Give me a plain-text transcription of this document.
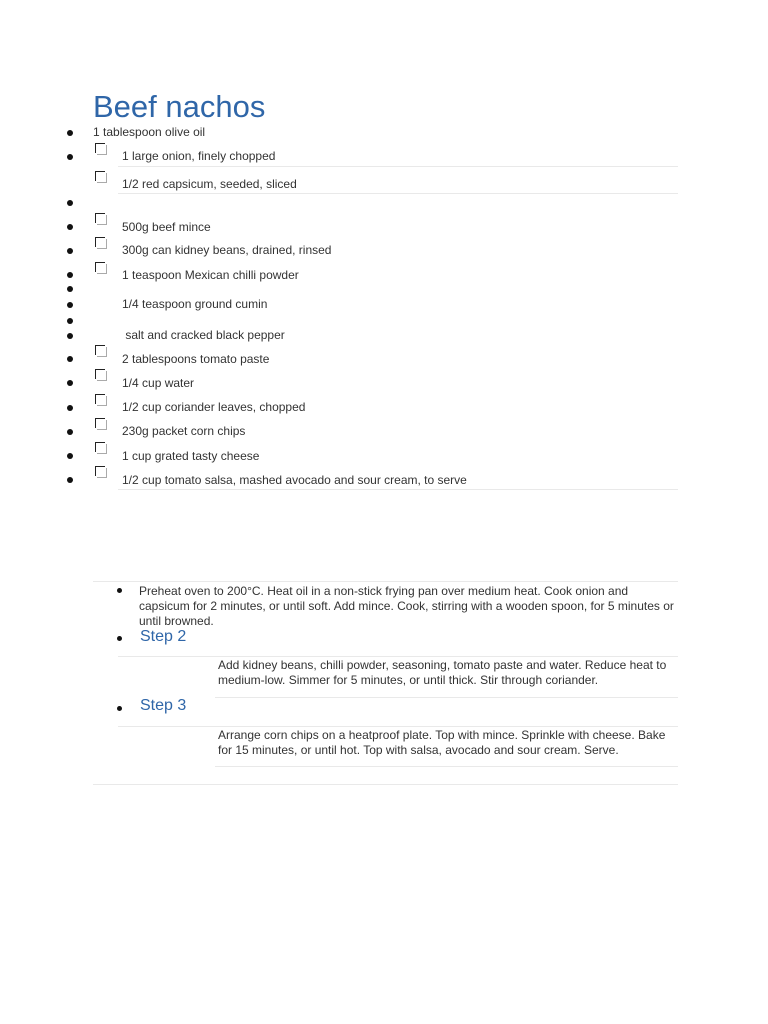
Beef nachos
1 tablespoon olive oil
1 large onion, finely chopped
1/2 red capsicum, seeded, sliced
500g beef mince
300g can kidney beans, drained, rinsed
1 teaspoon Mexican chilli powder
1/4 teaspoon ground cumin
salt and cracked black pepper
2 tablespoons tomato paste
1/4 cup water
1/2 cup coriander leaves, chopped
230g packet corn chips
1 cup grated tasty cheese
1/2 cup tomato salsa, mashed avocado and sour cream, to serve
Preheat oven to 200°C. Heat oil in a non-stick frying pan over medium heat. Cook onion and capsicum for 2 minutes, or until soft. Add mince. Cook, stirring with a wooden spoon, for 5 minutes or until browned.
Step 2
Add kidney beans, chilli powder, seasoning, tomato paste and water. Reduce heat to medium-low. Simmer for 5 minutes, or until thick. Stir through coriander.
Step 3
Arrange corn chips on a heatproof plate. Top with mince. Sprinkle with cheese. Bake for 15 minutes, or until hot. Top with salsa, avocado and sour cream. Serve.
